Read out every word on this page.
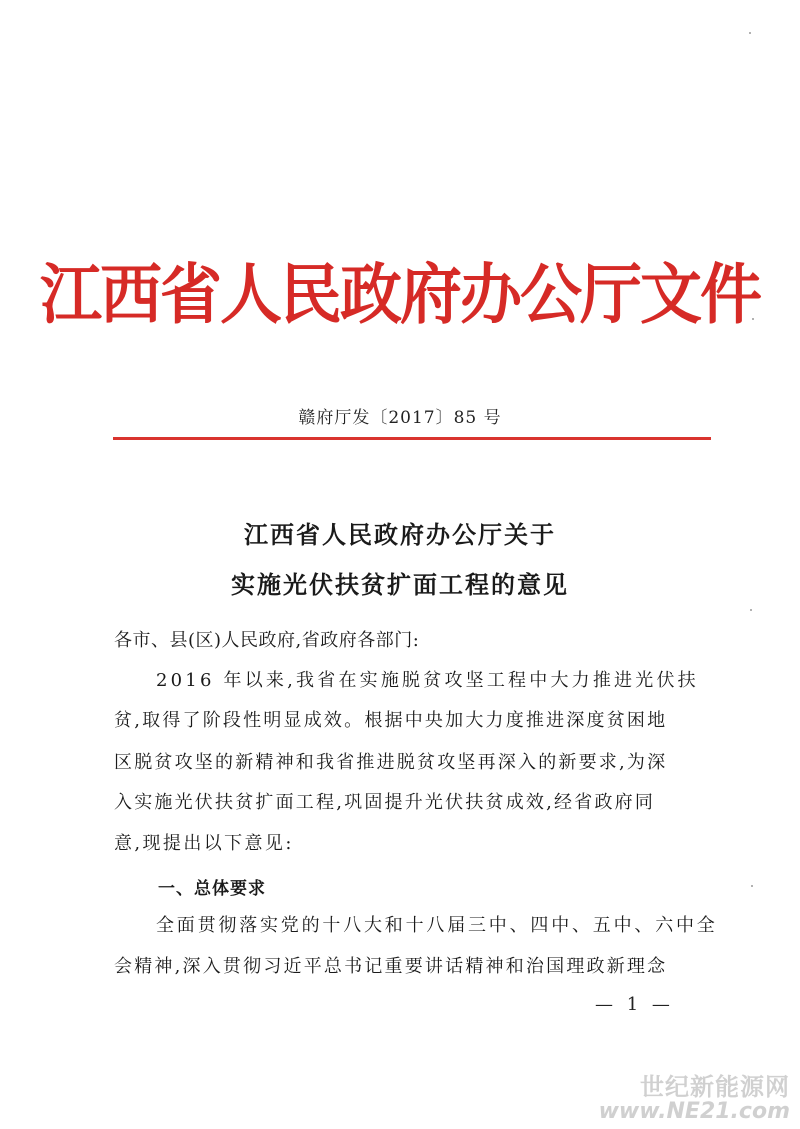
江西省人民政府办公厅文件
赣府厅发〔2017〕85 号
江西省人民政府办公厅关于
实施光伏扶贫扩面工程的意见
各市、县(区)人民政府,省政府各部门:
2016 年以来,我省在实施脱贫攻坚工程中大力推进光伏扶
贫,取得了阶段性明显成效。根据中央加大力度推进深度贫困地
区脱贫攻坚的新精神和我省推进脱贫攻坚再深入的新要求,为深
入实施光伏扶贫扩面工程,巩固提升光伏扶贫成效,经省政府同
意,现提出以下意见:
一、总体要求
全面贯彻落实党的十八大和十八届三中、四中、五中、六中全
会精神,深入贯彻习近平总书记重要讲话精神和治国理政新理念
— 1 —
世纪新能源网
www.NE21.com
